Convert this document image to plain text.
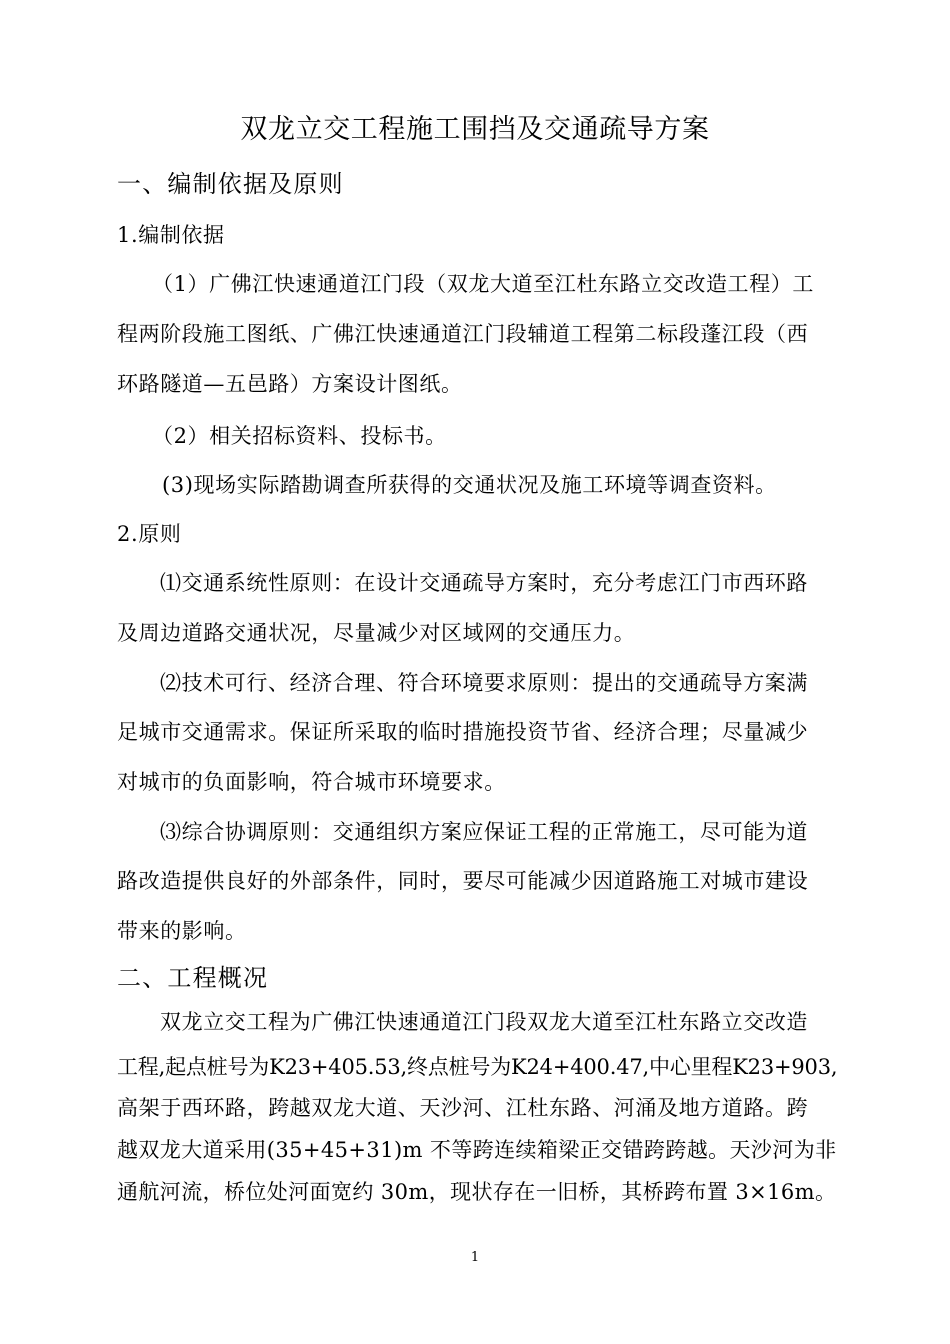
双龙立交工程施工围挡及交通疏导方案
一、编制依据及原则
1.编制依据
（1）广佛江快速通道江门段（双龙大道至江杜东路立交改造工程）工
程两阶段施工图纸、广佛江快速通道江门段辅道工程第二标段蓬江段（西
环路隧道—五邑路）方案设计图纸。
（2）相关招标资料、投标书。
(3)现场实际踏勘调查所获得的交通状况及施工环境等调查资料。
2.原则
⑴交通系统性原则：在设计交通疏导方案时，充分考虑江门市西环路
及周边道路交通状况，尽量减少对区域网的交通压力。
⑵技术可行、经济合理、符合环境要求原则：提出的交通疏导方案满
足城市交通需求。保证所采取的临时措施投资节省、经济合理；尽量减少
对城市的负面影响，符合城市环境要求。
⑶综合协调原则：交通组织方案应保证工程的正常施工，尽可能为道
路改造提供良好的外部条件，同时，要尽可能减少因道路施工对城市建设
带来的影响。
二、工程概况
双龙立交工程为广佛江快速通道江门段双龙大道至江杜东路立交改造
工程,起点桩号为K23+405.53,终点桩号为K24+400.47,中心里程K23+903,
高架于西环路，跨越双龙大道、天沙河、江杜东路、河涌及地方道路。跨
越双龙大道采用(35+45+31)m 不等跨连续箱梁正交错跨跨越。天沙河为非
通航河流，桥位处河面宽约 30m，现状存在一旧桥，其桥跨布置 3×16m。
1
